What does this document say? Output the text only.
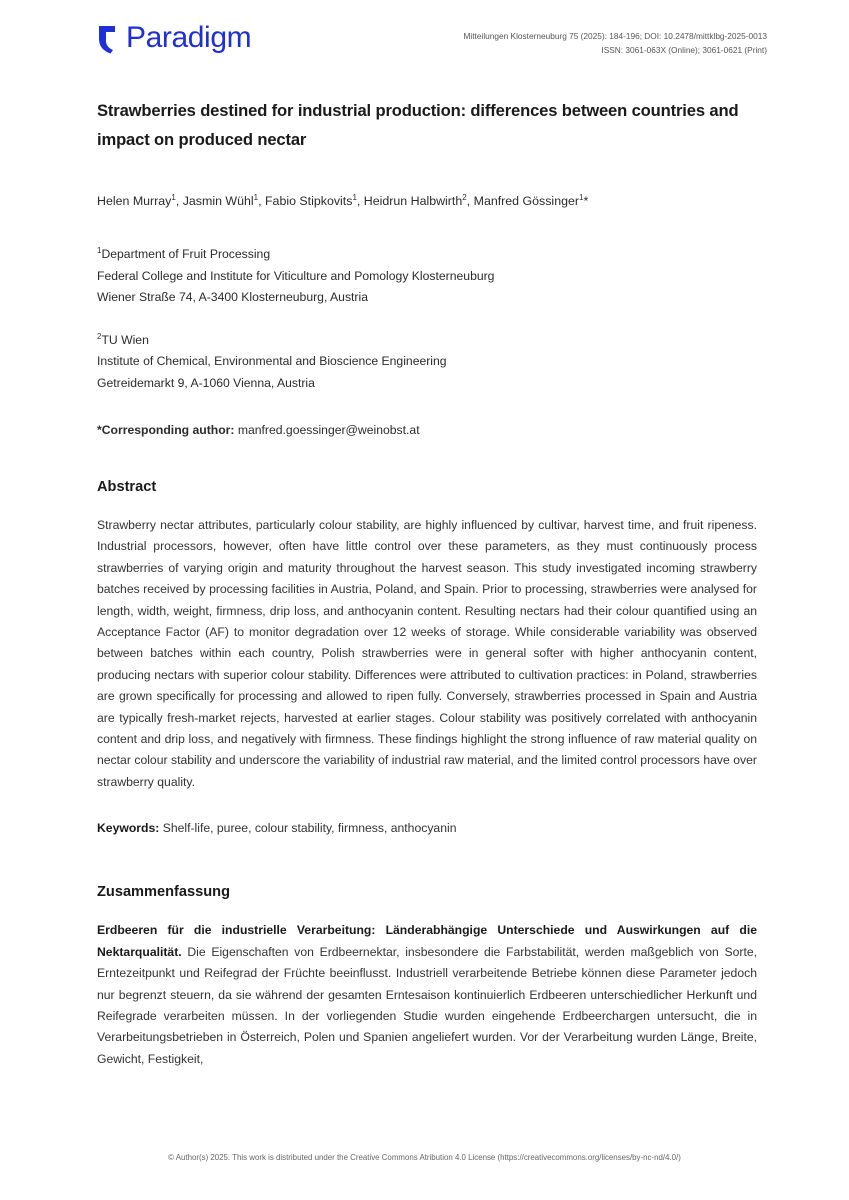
Paradigm	Mitteilungen Klosterneuburg 75 (2025): 184-196; DOI: 10.2478/mittklbg-2025-0013
ISSN: 3061-063X (Online); 3061-0621 (Print)
Strawberries destined for industrial production: differences between countries and impact on produced nectar
Helen Murray$^1$, Jasmin Wühl$^1$, Fabio Stipkovits$^1$, Heidrun Halbwirth$^2$, Manfred Gössinger$^1$*
$^1$Department of Fruit Processing
Federal College and Institute for Viticulture and Pomology Klosterneuburg
Wiener Straße 74, A-3400 Klosterneuburg, Austria
$^2$TU Wien
Institute of Chemical, Environmental and Bioscience Engineering
Getreidemarkt 9, A-1060 Vienna, Austria
*Corresponding author: manfred.goessinger@weinobst.at
Abstract
Strawberry nectar attributes, particularly colour stability, are highly influenced by cultivar, harvest time, and fruit ripeness. Industrial processors, however, often have little control over these parameters, as they must continuously process strawberries of varying origin and maturity throughout the harvest season. This study investigated incoming strawberry batches received by processing facilities in Austria, Poland, and Spain. Prior to processing, strawberries were analysed for length, width, weight, firmness, drip loss, and anthocyanin content. Resulting nectars had their colour quantified using an Acceptance Factor (AF) to monitor degradation over 12 weeks of storage. While considerable variability was observed between batches within each country, Polish strawberries were in general softer with higher anthocyanin content, producing nectars with superior colour stability. Differences were attributed to cultivation practices: in Poland, strawberries are grown specifically for processing and allowed to ripen fully. Conversely, strawberries processed in Spain and Austria are typically fresh-market rejects, harvested at earlier stages. Colour stability was positively correlated with anthocyanin content and drip loss, and negatively with firmness. These findings highlight the strong influence of raw material quality on nectar colour stability and underscore the variability of industrial raw material, and the limited control processors have over strawberry quality.
Keywords: Shelf-life, puree, colour stability, firmness, anthocyanin
Zusammenfassung
Erdbeeren für die industrielle Verarbeitung: Länderabhängige Unterschiede und Auswirkungen auf die Nektarqualität. Die Eigenschaften von Erdbeernektar, insbesondere die Farbstabilität, werden maßgeblich von Sorte, Erntezeitpunkt und Reifegrad der Früchte beeinflusst. Industriell verarbeitende Betriebe können diese Parameter jedoch nur begrenzt steuern, da sie während der gesamten Erntesaison kontinuierlich Erdbeeren unterschiedlicher Herkunft und Reifegrade verarbeiten müssen. In der vorliegenden Studie wurden eingehende Erdbeerchargen untersucht, die in Verarbeitungsbetrieben in Österreich, Polen und Spanien angeliefert wurden. Vor der Verarbeitung wurden Länge, Breite, Gewicht, Festigkeit,
© Author(s) 2025. This work is distributed under the Creative Commons Atribution 4.0 License (https://creativecommons.org/licenses/by-nc-nd/4.0/)
